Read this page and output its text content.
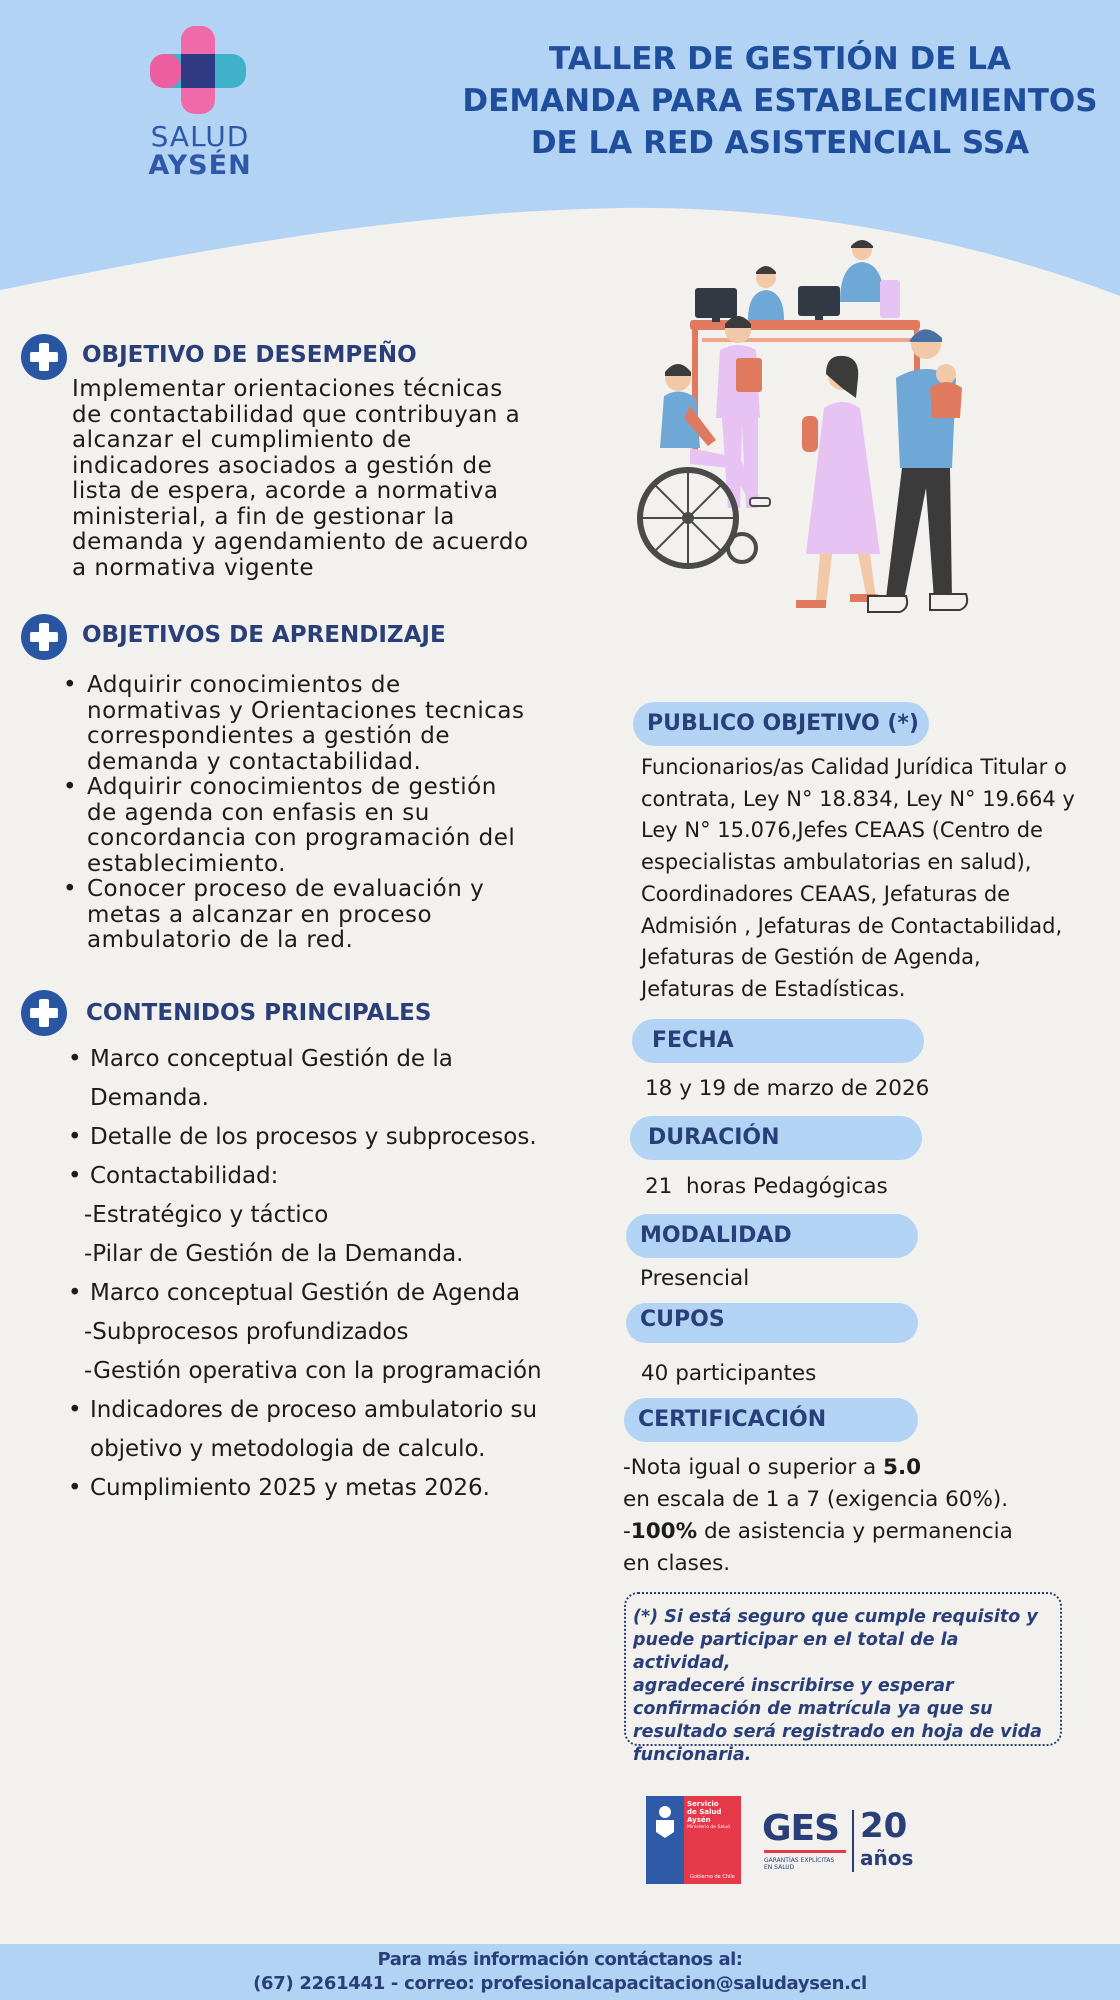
SALUD
AYSÉN
TALLER DE GESTIÓN DE LA
DEMANDA PARA ESTABLECIMIENTOS
DE LA RED ASISTENCIAL SSA
OBJETIVO DE DESEMPEÑO
Implementar orientaciones técnicas
de contactabilidad que contribuyan a
alcanzar el cumplimiento de
indicadores asociados a gestión de
lista de espera, acorde a normativa
ministerial, a fin de gestionar la
demanda y agendamiento de acuerdo
a normativa vigente
OBJETIVOS DE APRENDIZAJE
• Adquirir conocimientos de
normativas y Orientaciones tecnicas
correspondientes a gestión de
demanda y contactabilidad.
• Adquirir conocimientos de gestión
de agenda con enfasis en su
concordancia con programación del
establecimiento.
• Conocer proceso de evaluación y
metas a alcanzar en proceso
ambulatorio de la red.
CONTENIDOS PRINCIPALES
• Marco conceptual Gestión de la
Demanda.
• Detalle de los procesos y subprocesos.
• Contactabilidad:
-Estratégico y táctico
-Pilar de Gestión de la Demanda.
• Marco conceptual Gestión de Agenda
-Subprocesos profundizados
-Gestión operativa con la programación
• Indicadores de proceso ambulatorio su
objetivo y metodologia de calculo.
• Cumplimiento 2025 y metas 2026.
PUBLICO OBJETIVO (*)
Funcionarios/as Calidad Jurídica Titular o
contrata, Ley N° 18.834, Ley N° 19.664 y
Ley N° 15.076,Jefes CEAAS (Centro de
especialistas ambulatorias en salud),
Coordinadores CEAAS, Jefaturas de
Admisión , Jefaturas de Contactabilidad,
Jefaturas de Gestión de Agenda,
Jefaturas de Estadísticas.
FECHA
18 y 19 de marzo de 2026
DURACIÓN
21  horas Pedagógicas
MODALIDAD
Presencial
CUPOS
40 participantes
CERTIFICACIÓN
-Nota igual o superior a 5.0
en escala de 1 a 7 (exigencia 60%).
-100% de asistencia y permanencia
en clases.
(*) Si está seguro que cumple requisito y
puede participar en el total de la actividad,
agradeceré inscribirse y esperar
confirmación de matrícula ya que su
resultado será registrado en hoja de vida
funcionaria.
Servicio
de Salud
Aysén
Ministerio de Salud
Gobierno de Chile
GES
GARANTÍAS EXPLÍCITAS
EN SALUD
20
años
Para más información contáctanos al:
(67) 2261441 - correo: profesionalcapacitacion@saludaysen.cl
